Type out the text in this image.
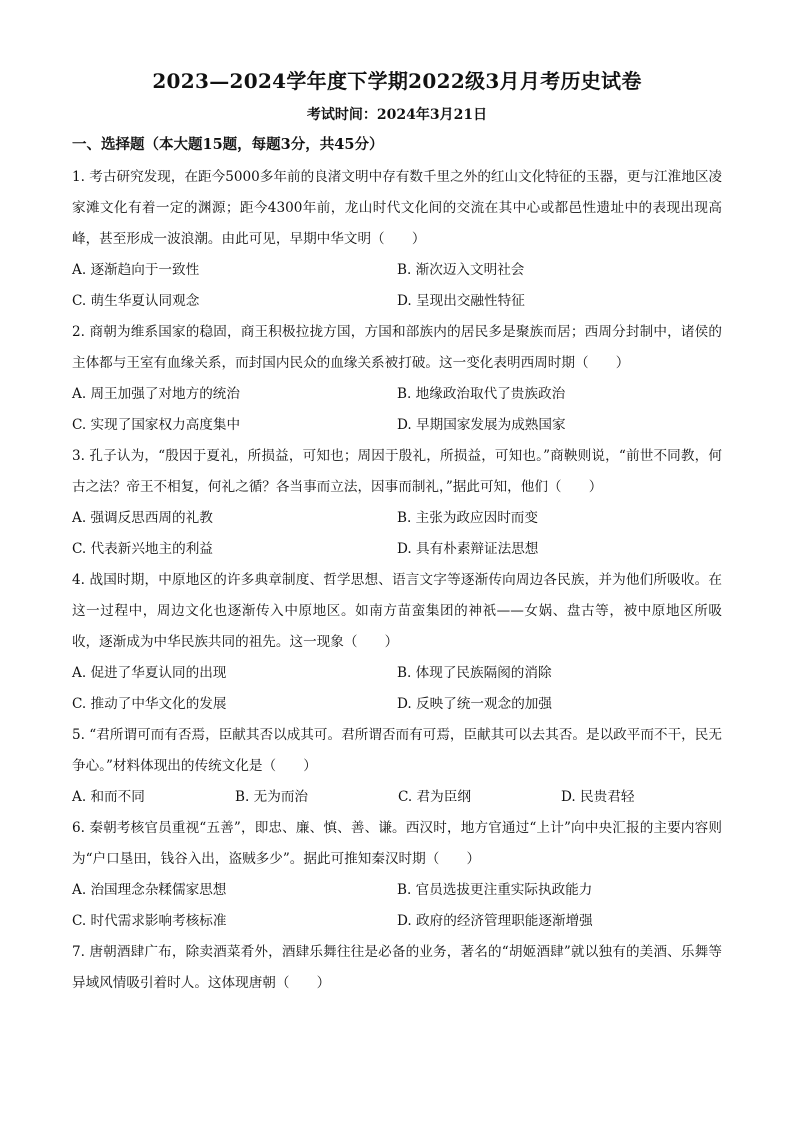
2023—2024学年度下学期2022级3月月考历史试卷
考试时间：2024年3月21日
一、选择题（本大题15题，每题3分，共45分）
1. 考古研究发现，在距今5000多年前的良渚文明中存有数千里之外的红山文化特征的玉器，更与江淮地区凌家滩文化有着一定的渊源；距今4300年前，龙山时代文化间的交流在其中心或都邑性遗址中的表现出现高峰，甚至形成一波浪潮。由此可见，早期中华文明（　　）
A. 逐渐趋向于一致性	B. 渐次迈入文明社会
C. 萌生华夏认同观念	D. 呈现出交融性特征
2. 商朝为维系国家的稳固，商王积极拉拢方国，方国和部族内的居民多是聚族而居；西周分封制中，诸侯的主体都与王室有血缘关系，而封国内民众的血缘关系被打破。这一变化表明西周时期（　　）
A. 周王加强了对地方的统治	B. 地缘政治取代了贵族政治
C. 实现了国家权力高度集中	D. 早期国家发展为成熟国家
3. 孔子认为，“殷因于夏礼，所损益，可知也；周因于殷礼，所损益，可知也。”商鞅则说，“前世不同教，何古之法？帝王不相复，何礼之循？各当事而立法，因事而制礼，”据此可知，他们（　　）
A. 强调反思西周的礼教	B. 主张为政应因时而变
C. 代表新兴地主的利益	D. 具有朴素辩证法思想
4. 战国时期，中原地区的许多典章制度、哲学思想、语言文字等逐渐传向周边各民族，并为他们所吸收。在这一过程中，周边文化也逐渐传入中原地区。如南方苗蛮集团的神祇——女娲、盘古等，被中原地区所吸收，逐渐成为中华民族共同的祖先。这一现象（　　）
A. 促进了华夏认同的出现	B. 体现了民族隔阂的消除
C. 推动了中华文化的发展	D. 反映了统一观念的加强
5. “君所谓可而有否焉，臣献其否以成其可。君所谓否而有可焉，臣献其可以去其否。是以政平而不干，民无争心。”材料体现出的传统文化是（　　）
A. 和而不同	B. 无为而治	C. 君为臣纲	D. 民贵君轻
6. 秦朝考核官员重视“五善”，即忠、廉、慎、善、谦。西汉时，地方官通过“上计”向中央汇报的主要内容则为“户口垦田，钱谷入出，盗贼多少”。据此可推知秦汉时期（　　）
A. 治国理念杂糅儒家思想	B. 官员选拔更注重实际执政能力
C. 时代需求影响考核标准	D. 政府的经济管理职能逐渐增强
7. 唐朝酒肆广布，除卖酒菜肴外，酒肆乐舞往往是必备的业务，著名的“胡姬酒肆”就以独有的美酒、乐舞等异域风情吸引着时人。这体现唐朝（　　）
